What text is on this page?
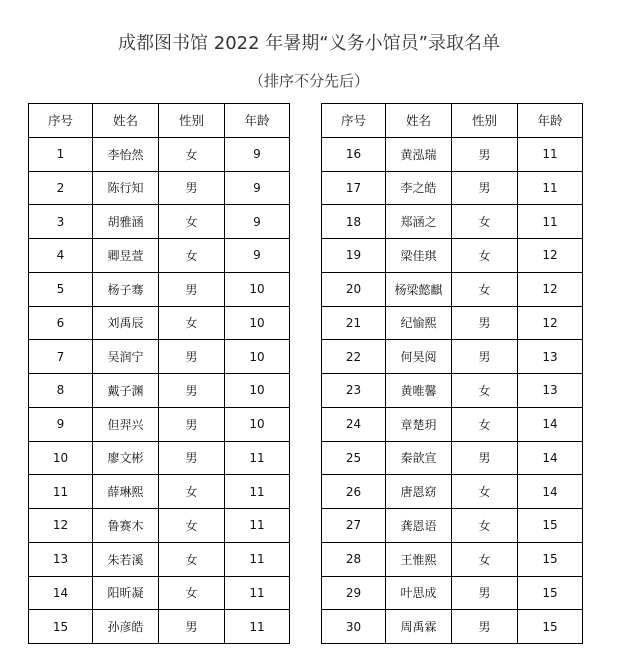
成都图书馆 2022 年暑期“义务小馆员”录取名单
（排序不分先后）
序号	姓名	性别	年龄
1	李怡然	女	9
2	陈行知	男	9
3	胡雅涵	女	9
4	卿昱萱	女	9
5	杨子骞	男	10
6	刘禹辰	女	10
7	吴润宁	男	10
8	戴子渊	男	10
9	但羿兴	男	10
10	廖文彬	男	11
11	薛琳熙	女	11
12	鲁赛木	女	11
13	朱若溪	女	11
14	阳昕凝	女	11
15	孙彦皓	男	11
序号	姓名	性别	年龄
16	黄泓瑞	男	11
17	李之皓	男	11
18	郑涵之	女	11
19	梁佳琪	女	12
20	杨梁懿麒	女	12
21	纪愉熙	男	12
22	何昊阅	男	13
23	黄唯馨	女	13
24	章楚玥	女	14
25	秦歆宣	男	14
26	唐恩窈	女	14
27	龚恩语	女	15
28	王惟熙	女	15
29	叶思成	男	15
30	周禹霖	男	15
